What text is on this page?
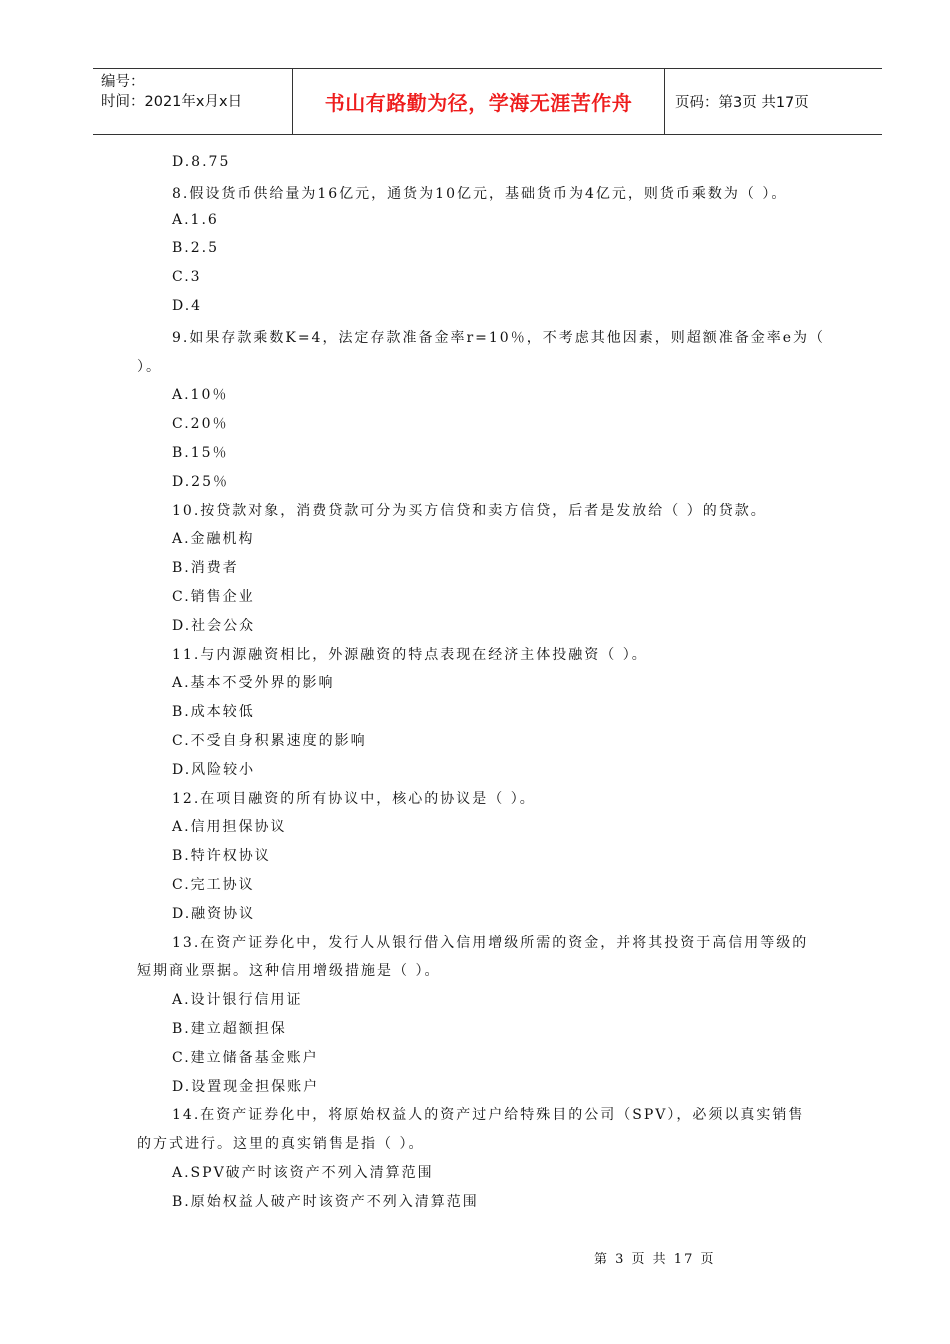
编号：
时间：2021年x月x日	书山有路勤为径，学海无涯苦作舟	页码：第3页 共17页
D.8.75
8.假设货币供给量为16亿元，通货为10亿元，基础货币为4亿元，则货币乘数为（ ）。
A.1.6
B.2.5
C.3
D.4
9.如果存款乘数K=4，法定存款准备金率r=10％，不考虑其他因素，则超额准备金率e为（
）。
A.10％
C.20％
B.15％
D.25％
10.按贷款对象，消费贷款可分为买方信贷和卖方信贷，后者是发放给（ ）的贷款。
A.金融机构
B.消费者
C.销售企业
D.社会公众
11.与内源融资相比，外源融资的特点表现在经济主体投融资（ ）。
A.基本不受外界的影响
B.成本较低
C.不受自身积累速度的影响
D.风险较小
12.在项目融资的所有协议中，核心的协议是（ ）。
A.信用担保协议
B.特许权协议
C.完工协议
D.融资协议
13.在资产证券化中，发行人从银行借入信用增级所需的资金，并将其投资于高信用等级的
短期商业票据。这种信用增级措施是（ ）。
A.设计银行信用证
B.建立超额担保
C.建立储备基金账户
D.设置现金担保账户
14.在资产证券化中，将原始权益人的资产过户给特殊目的公司（SPV），必须以真实销售
的方式进行。这里的真实销售是指（ ）。
A.SPV破产时该资产不列入清算范围
B.原始权益人破产时该资产不列入清算范围
第 3 页 共 17 页
